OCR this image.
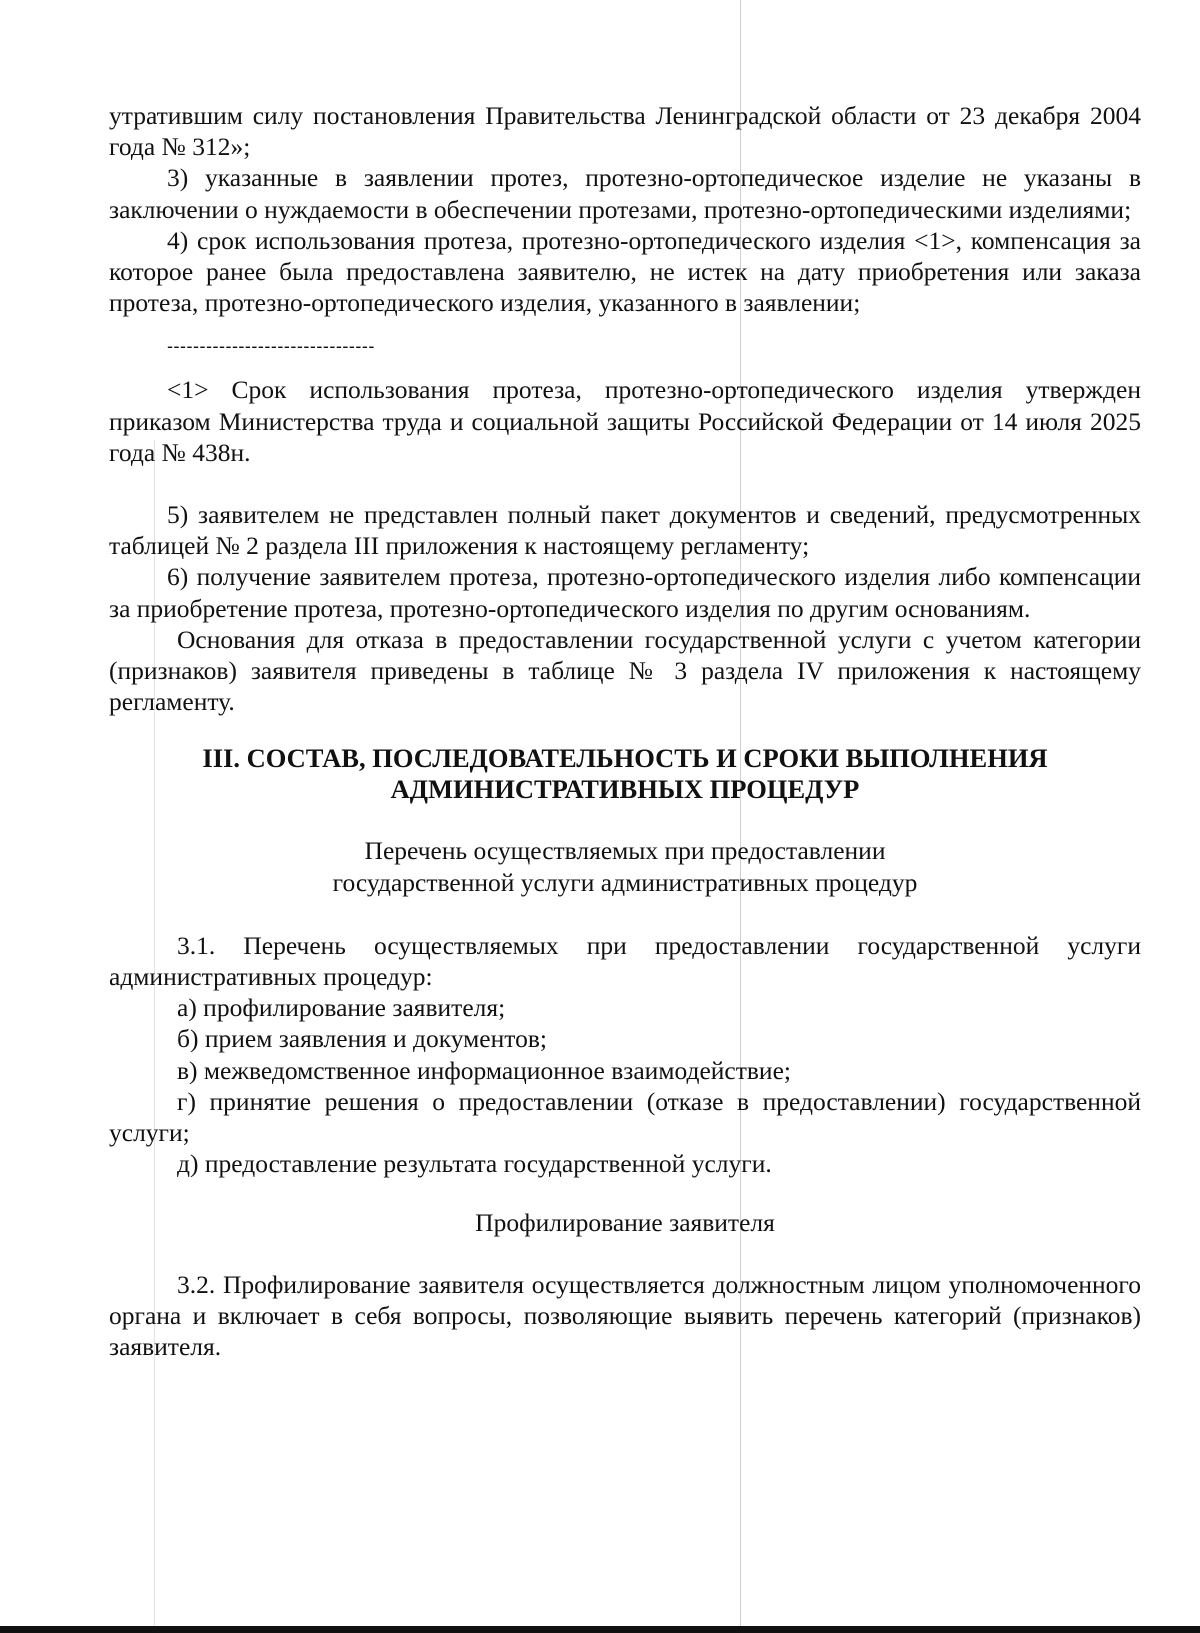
утратившим силу постановления Правительства Ленинградской области от 23 декабря 2004 года № 312»;

3) указанные в заявлении протез, протезно-ортопедическое изделие не указаны в заключении о нуждаемости в обеспечении протезами, протезно-ортопедическими изделиями;

4) срок использования протеза, протезно-ортопедического изделия <1>, компенсация за которое ранее была предоставлена заявителю, не истек на дату приобретения или заказа протеза, протезно-ортопедического изделия, указанного в заявлении;

--------------------------------

<1> Срок использования протеза, протезно-ортопедического изделия утвержден приказом Министерства труда и социальной защиты Российской Федерации от 14 июля 2025 года № 438н.

5) заявителем не представлен полный пакет документов и сведений, предусмотренных таблицей № 2 раздела III приложения к настоящему регламенту;

6) получение заявителем протеза, протезно-ортопедического изделия либо компенсации за приобретение протеза, протезно-ортопедического изделия по другим основаниям.

Основания для отказа в предоставлении государственной услуги с учетом категории (признаков) заявителя приведены в таблице № 3 раздела IV приложения к настоящему регламенту.

III. СОСТАВ, ПОСЛЕДОВАТЕЛЬНОСТЬ И СРОКИ ВЫПОЛНЕНИЯ
АДМИНИСТРАТИВНЫХ ПРОЦЕДУР
Перечень осуществляемых при предоставлении
государственной услуги административных процедур

3.1. Перечень осуществляемых при предоставлении государственной услуги административных процедур:

а) профилирование заявителя;

б) прием заявления и документов;

в) межведомственное информационное взаимодействие;

г) принятие решения о предоставлении (отказе в предоставлении) государственной услуги;

д) предоставление результата государственной услуги.

Профилирование заявителя

3.2. Профилирование заявителя осуществляется должностным лицом уполномоченного органа и включает в себя вопросы, позволяющие выявить перечень категорий (признаков) заявителя.
